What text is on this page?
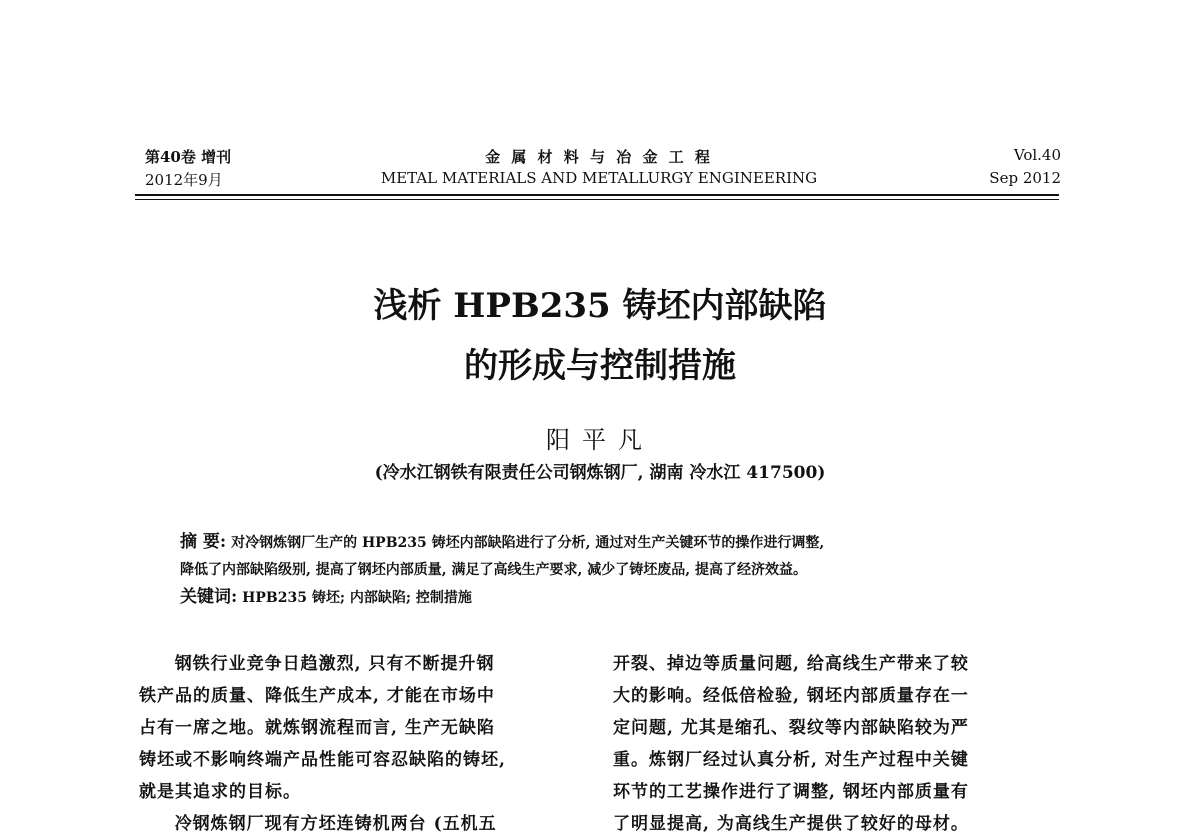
第40卷 增刊
2012年9月
金 属 材 料 与 冶 金 工 程
METAL MATERIALS AND METALLURGY ENGINEERING
Vol.40
Sep 2012
浅析 HPB235 铸坯内部缺陷
的形成与控制措施
阳平凡
(冷水江钢铁有限责任公司钢炼钢厂, 湖南 冷水江 417500)
摘 要: 对冷钢炼钢厂生产的 HPB235 铸坯内部缺陷进行了分析, 通过对生产关键环节的操作进行调整,
降低了内部缺陷级别, 提高了钢坯内部质量, 满足了高线生产要求, 减少了铸坯废品, 提高了经济效益。
关键词: HPB235 铸坯; 内部缺陷; 控制措施

钢铁行业竞争日趋激烈, 只有不断提升钢

铁产品的质量、降低生产成本, 才能在市场中

占有一席之地。就炼钢流程而言, 生产无缺陷

铸坯或不影响终端产品性能可容忍缺陷的铸坯,

就是其追求的目标。

冷钢炼钢厂现有方坯连铸机两台 (五机五

开裂、掉边等质量问题, 给高线生产带来了较

大的影响。经低倍检验, 钢坯内部质量存在一

定问题, 尤其是缩孔、裂纹等内部缺陷较为严

重。炼钢厂经过认真分析, 对生产过程中关键

环节的工艺操作进行了调整, 钢坯内部质量有

了明显提高, 为高线生产提供了较好的母材。
